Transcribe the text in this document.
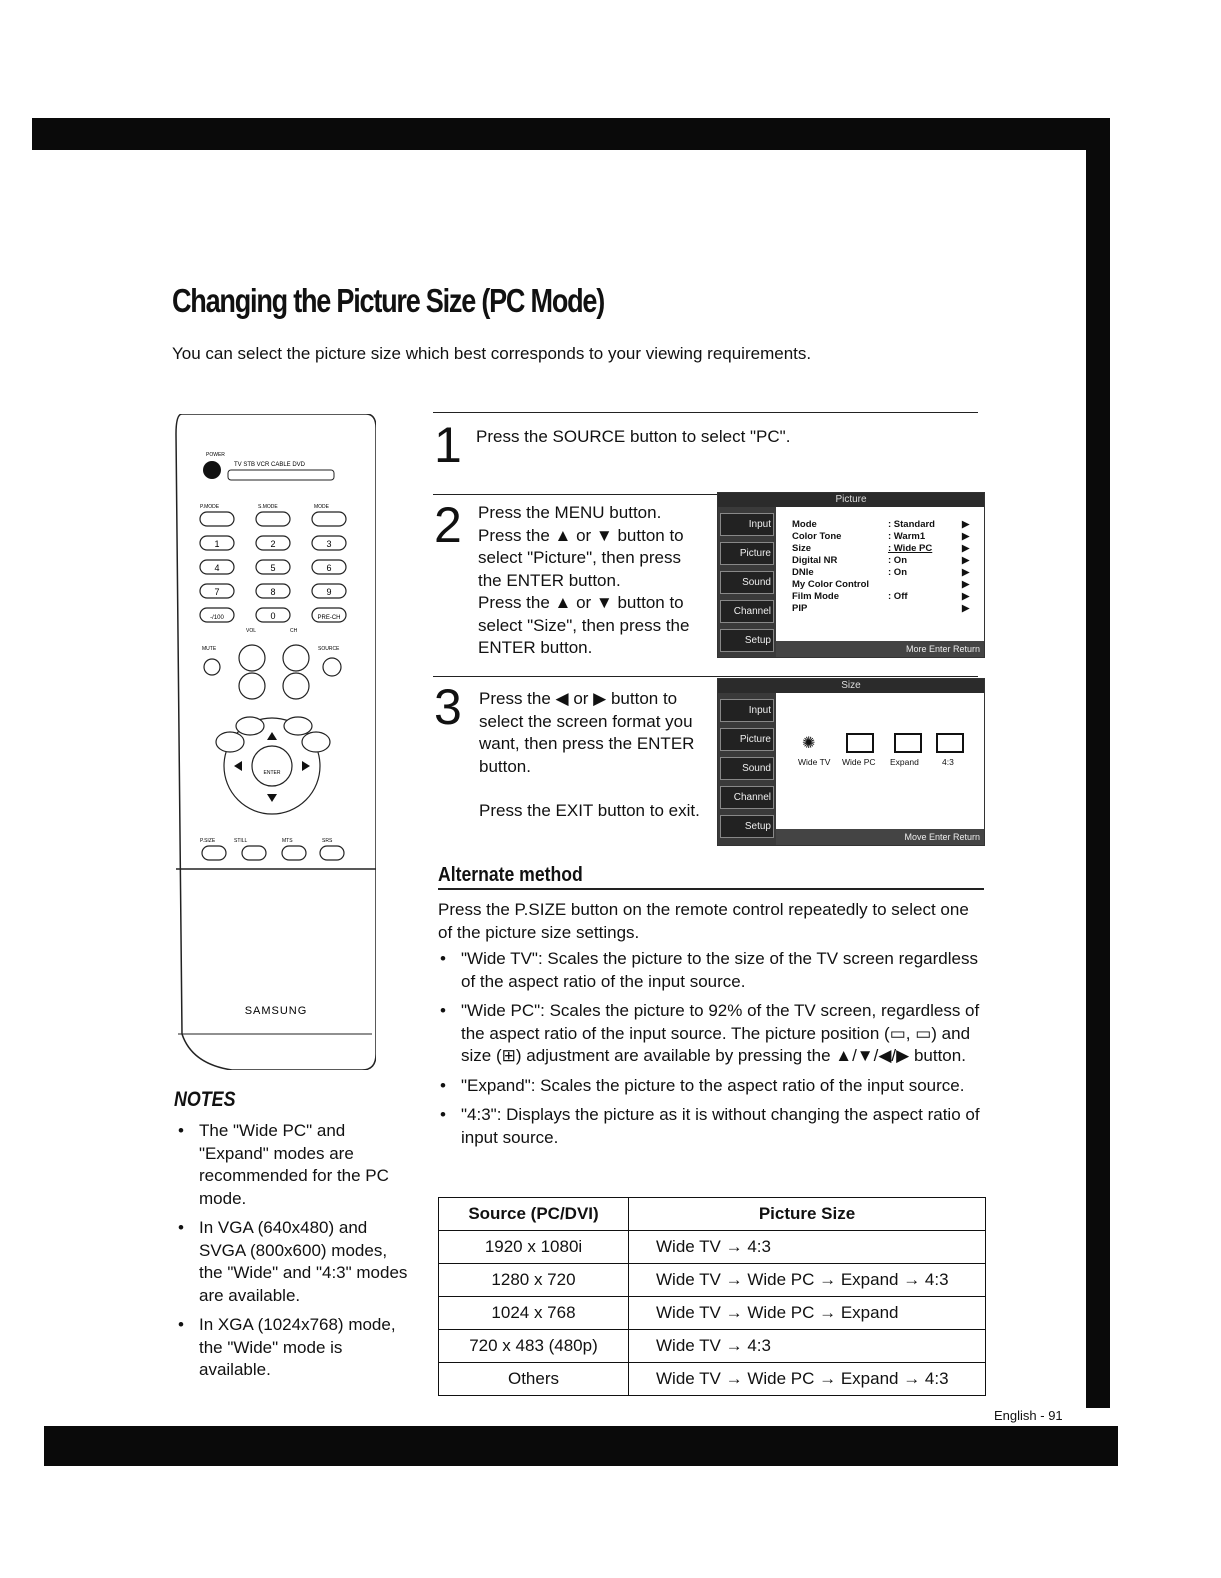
Changing the Picture Size (PC Mode)
You can select the picture size which best corresponds to your viewing requirements.
POWER
TV STB VCR CABLE DVD
P.MODE	S.MODE	MODE
1	2	3
4	5	6
7	8	9
-/100	0	PRE-CH
VOL	CH
MUTE	SOURCE
ENTER
P.SIZE	STILL	MTS	SRS
SAMSUNG
1 Press the SOURCE button to select "PC".
2 Press the MENU button.
Press the ▲ or ▼ button to
select "Picture", then press
the ENTER button.
Press the ▲ or ▼ button to
select "Size", then press the
ENTER button.
Picture
Input
Picture
Sound
Channel
Setup
Mode	: Standard	▶
Color Tone	: Warm1	▶
Size	: Wide PC	▶
Digital NR	: On	▶
DNIe	: On	▶
My Color Control	▶
Film Mode	: Off	▶
PIP	▶
More Enter Return
3 Press the ◀ or ▶ button to
select the screen format you
want, then press the ENTER
button.
Press the EXIT button to exit.
Size
Input
Picture
Sound
Channel
Setup
✺
Wide TV Wide PC Expand	4:3
Move Enter Return
Alternate method
Press the P.SIZE button on the remote control repeatedly to select one of the picture size settings.
• "Wide TV": Scales the picture to the size of the TV screen regardless of the aspect ratio of the input source.
• "Wide PC": Scales the picture to 92% of the TV screen, regardless of the aspect ratio of the input source. The picture position (▭, ▭) and size (⊞) adjustment are available by pressing the ▲/▼/◀/▶ button.
• "Expand": Scales the picture to the aspect ratio of the input source.
• "4:3": Displays the picture as it is without changing the aspect ratio of input source.
NOTES
• The "Wide PC" and "Expand" modes are recommended for the PC mode.
• In VGA (640x480) and SVGA (800x600) modes, the "Wide" and "4:3" modes are available.
• In XGA (1024x768) mode, the "Wide" mode is available.
Source (PC/DVI)	Picture Size
1920 x 1080i	Wide TV → 4:3
1280 x 720	Wide TV → Wide PC → Expand → 4:3
1024 x 768	Wide TV → Wide PC → Expand
720 x 483 (480p)	Wide TV → 4:3
Others	Wide TV → Wide PC → Expand → 4:3
English - 91
